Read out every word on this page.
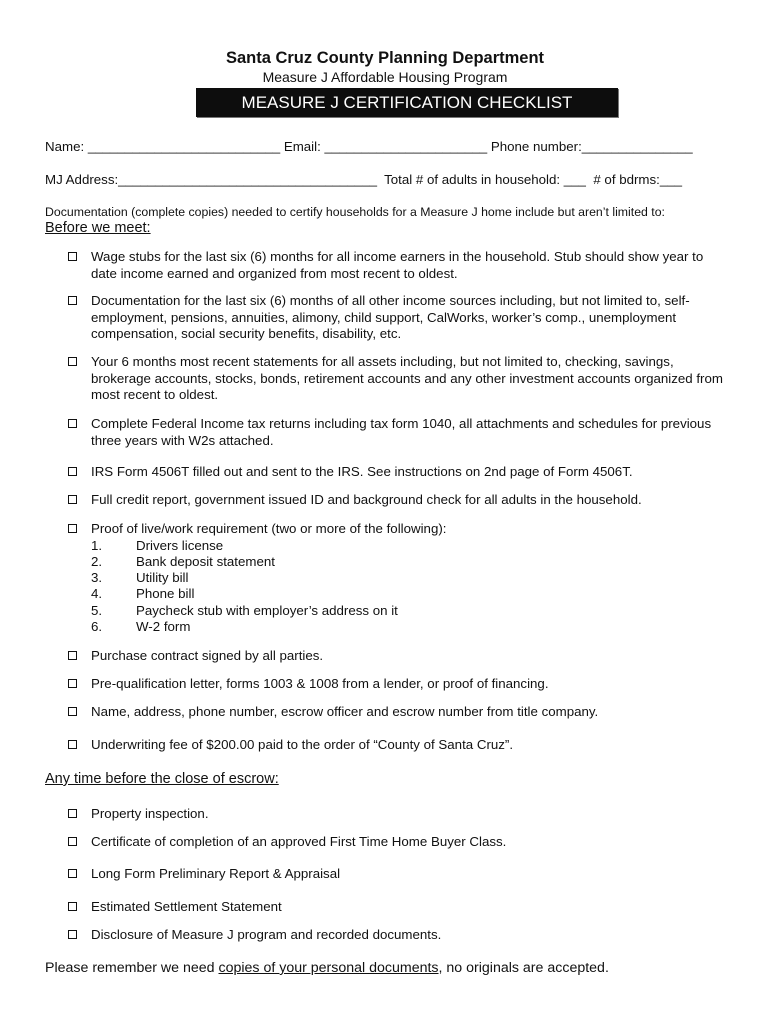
Santa Cruz County Planning Department
Measure J Affordable Housing Program
MEASURE J CERTIFICATION CHECKLIST
Name: __________________________ Email: ______________________ Phone number:_______________
MJ Address:___________________________________  Total # of adults in household: ___  # of bdrms:___
Documentation (complete copies) needed to certify households for a Measure J home include but aren’t limited to:
Before we meet:
Wage stubs for the last six (6) months for all income earners in the household. Stub should show year to date income earned and organized from most recent to oldest.
Documentation for the last six (6) months of all other income sources including, but not limited to, self-employment, pensions, annuities, alimony, child support, CalWorks, worker’s comp., unemployment compensation, social security benefits, disability, etc.
Your 6 months most recent statements for all assets including, but not limited to, checking, savings, brokerage accounts, stocks, bonds, retirement accounts and any other investment accounts organized from most recent to oldest.
Complete Federal Income tax returns including tax form 1040, all attachments and schedules for previous three years with W2s attached.
IRS Form 4506T filled out and sent to the IRS. See instructions on 2nd page of Form 4506T.
Full credit report, government issued ID and background check for all adults in the household.
Proof of live/work requirement (two or more of the following):
1.	Drivers license
2.	Bank deposit statement
3.	Utility bill
4.	Phone bill
5.	Paycheck stub with employer’s address on it
6.	W-2 form
Purchase contract signed by all parties.
Pre-qualification letter, forms 1003 & 1008 from a lender, or proof of financing.
Name, address, phone number, escrow officer and escrow number from title company.
Underwriting fee of $200.00 paid to the order of “County of Santa Cruz”.
Any time before the close of escrow:
Property inspection.
Certificate of completion of an approved First Time Home Buyer Class.
Long Form Preliminary Report & Appraisal
Estimated Settlement Statement
Disclosure of Measure J program and recorded documents.
Please remember we need copies of your personal documents, no originals are accepted.
